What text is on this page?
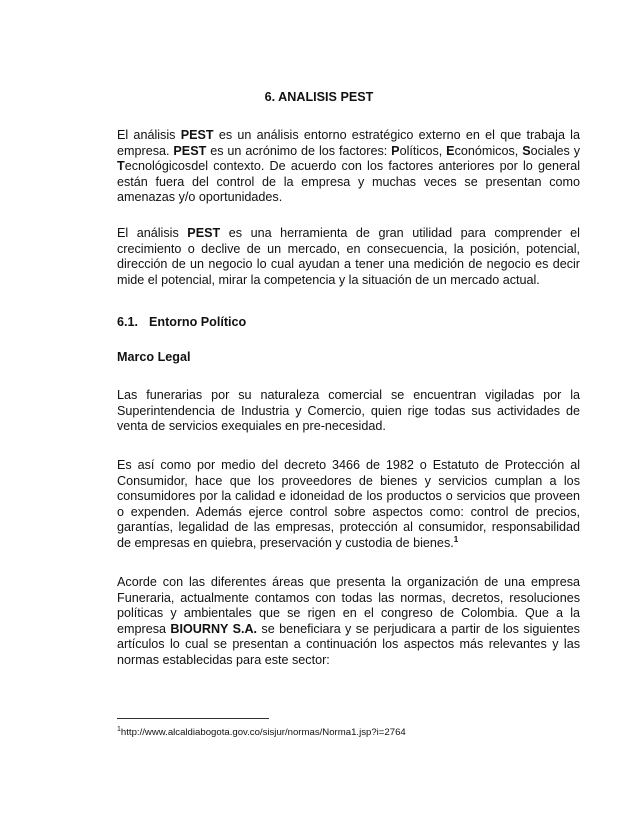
6. ANALISIS PEST

El análisis PEST es un análisis entorno estratégico externo en el que trabaja la empresa. PEST es un acrónimo de los factores: Políticos, Económicos, Sociales y Tecnológicosdel contexto. De acuerdo con los factores anteriores por lo general están fuera del control de la empresa y muchas veces se presentan como amenazas y/o oportunidades.

El análisis PEST es una herramienta de gran utilidad para comprender el crecimiento o declive de un mercado, en consecuencia, la posición, potencial, dirección de un negocio lo cual ayudan a tener una medición de negocio es decir mide el potencial, mirar la competencia y la situación de un mercado actual.

6.1. Entorno Político
Marco Legal

Las funerarias por su naturaleza comercial se encuentran vigiladas por la Superintendencia de Industria y Comercio, quien rige todas sus actividades de venta de servicios exequiales en pre-necesidad.

Es así como por medio del decreto 3466 de 1982 o Estatuto de Protección al Consumidor, hace que los proveedores de bienes y servicios cumplan a los consumidores por la calidad e idoneidad de los productos o servicios que proveen o expenden. Además ejerce control sobre aspectos como: control de precios, garantías, legalidad de las empresas, protección al consumidor, responsabilidad de empresas en quiebra, preservación y custodia de bienes.$^1$

Acorde con las diferentes áreas que presenta la organización de una empresa Funeraria, actualmente contamos con todas las normas, decretos, resoluciones políticas y ambientales que se rigen en el congreso de Colombia. Que a la empresa BIOURNY S.A. se beneficiara y se perjudicara a partir de los siguientes artículos lo cual se presentan a continuación los aspectos más relevantes y las normas establecidas para este sector:

$^1$http://www.alcaldiabogota.gov.co/sisjur/normas/Norma1.jsp?i=2764
